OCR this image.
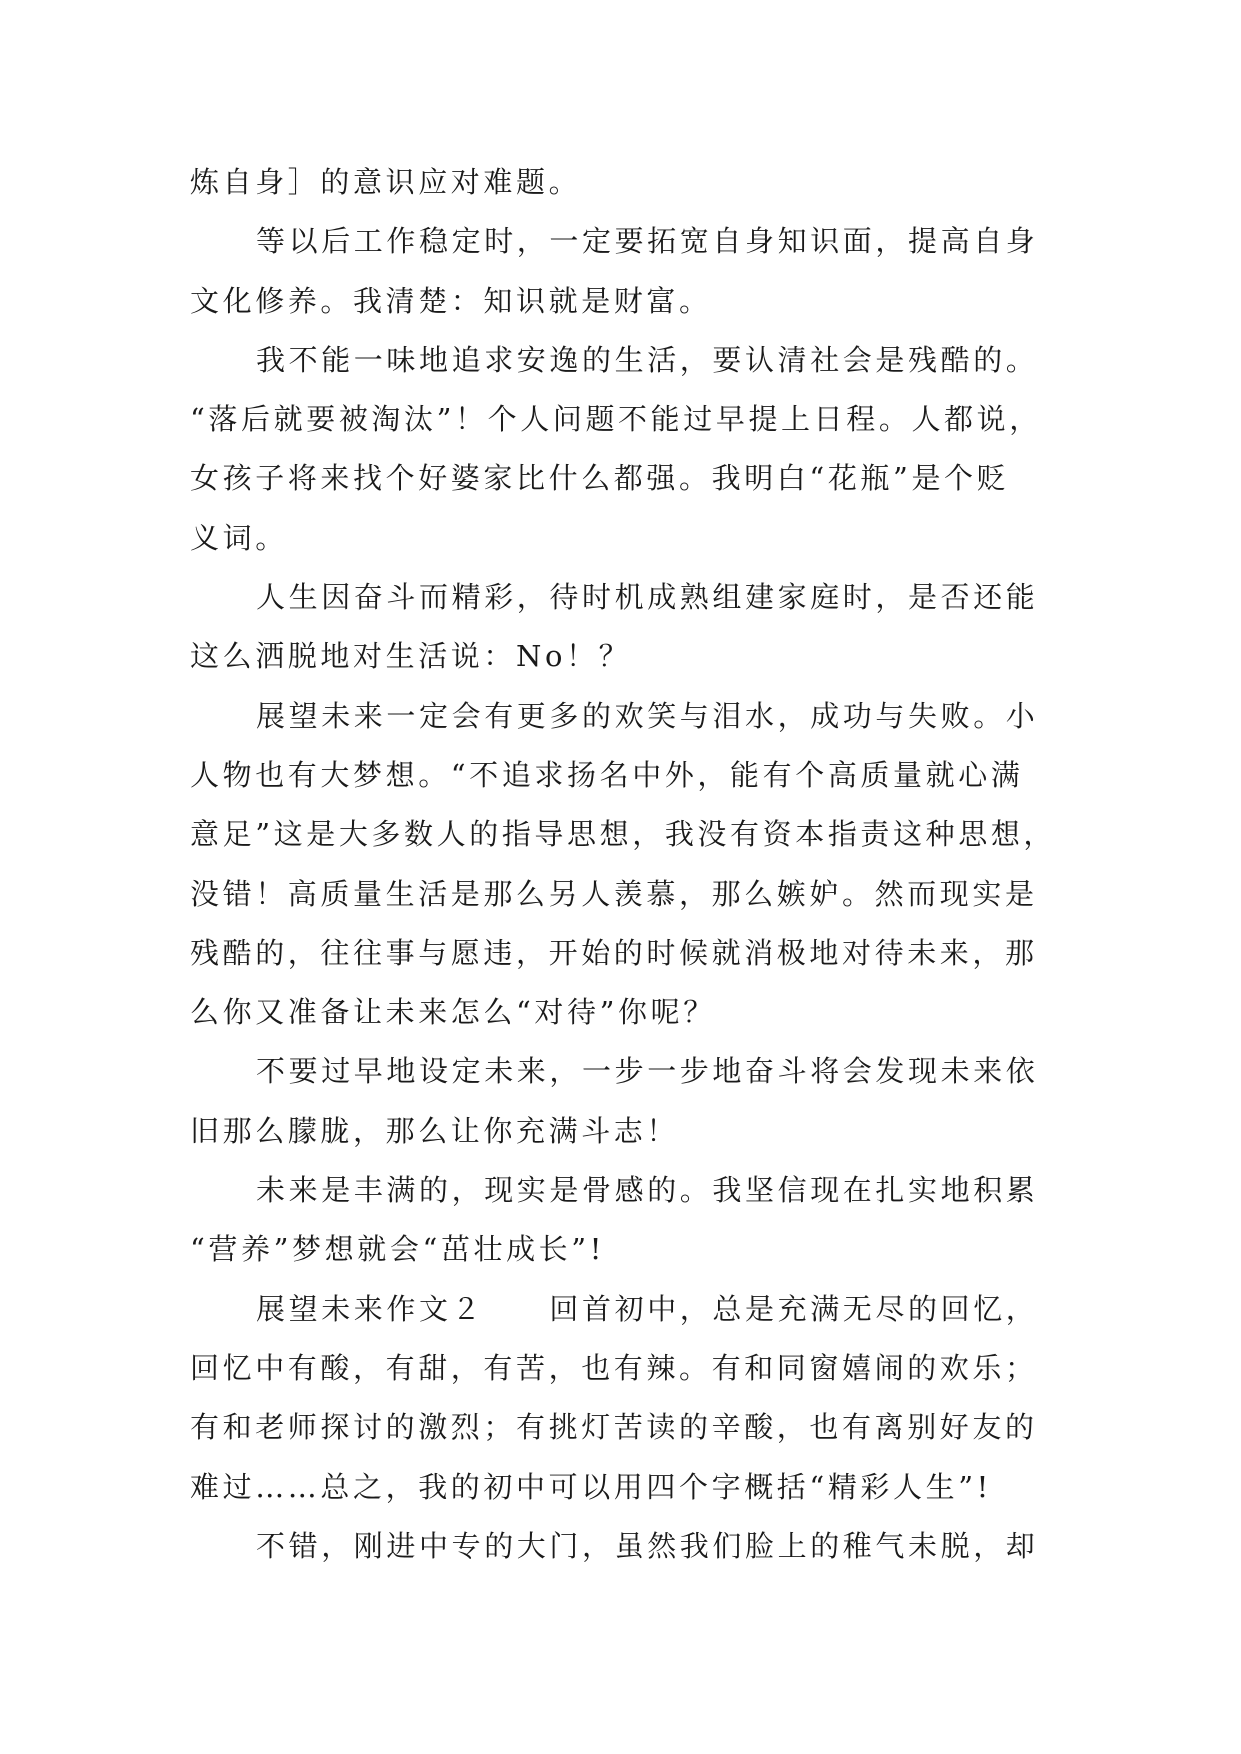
炼自身］的意识应对难题。

等以后工作稳定时，一定要拓宽自身知识面，提高自身
文化修养。我清楚：知识就是财富。

我不能一味地追求安逸的生活，要认清社会是残酷的。
“落后就要被淘汰”！个人问题不能过早提上日程。人都说，
女孩子将来找个好婆家比什么都强。我明白“花瓶”是个贬
义词。

人生因奋斗而精彩，待时机成熟组建家庭时，是否还能
这么洒脱地对生活说：No！？

展望未来一定会有更多的欢笑与泪水，成功与失败。小
人物也有大梦想。“不追求扬名中外，能有个高质量就心满
意足”这是大多数人的指导思想，我没有资本指责这种思想，
没错！高质量生活是那么另人羡慕，那么嫉妒。然而现实是
残酷的，往往事与愿违，开始的时候就消极地对待未来，那
么你又准备让未来怎么“对待”你呢？

不要过早地设定未来，一步一步地奋斗将会发现未来依
旧那么朦胧，那么让你充满斗志！

未来是丰满的，现实是骨感的。我坚信现在扎实地积累
“营养”梦想就会“茁壮成长”!

展望未来作文２　　回首初中，总是充满无尽的回忆，
回忆中有酸，有甜，有苦，也有辣。有和同窗嬉闹的欢乐；
有和老师探讨的激烈；有挑灯苦读的辛酸，也有离别好友的
难过……总之，我的初中可以用四个字概括“精彩人生”!

不错，刚进中专的大门，虽然我们脸上的稚气未脱，却
